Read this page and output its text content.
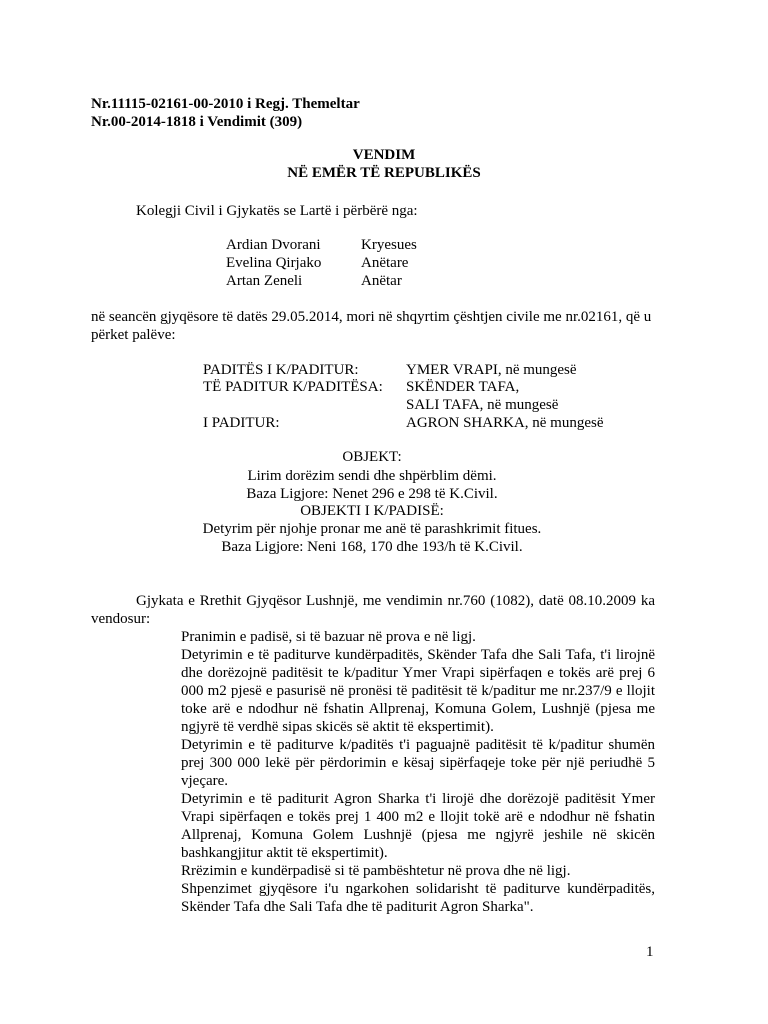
Nr.11115-02161-00-2010 i Regj. Themeltar
Nr.00-2014-1818 i Vendimit (309)
VENDIM
NË EMËR TË REPUBLIKËS
Kolegji Civil i Gjykatës se Lartë i përbërë nga:
Ardian Dvorani	Kryesues
Evelina Qirjako	Anëtare
Artan Zeneli	Anëtar
në seancën gjyqësore të datës 29.05.2014, mori në shqyrtim çështjen civile me nr.02161, që u
përket palëve:
PADITËS I K/PADITUR:	YMER VRAPI, në mungesë
TË PADITUR K/PADITËSA: SKËNDER TAFA,
SALI TAFA, në mungesë
I PADITUR:	AGRON SHARKA, në mungesë
OBJEKT:
Lirim dorëzim sendi dhe shpërblim dëmi.
Baza Ligjore: Nenet 296 e 298 të K.Civil.
OBJEKTI I K/PADISË:
Detyrim për njohje pronar me anë të parashkrimit fitues.
Baza Ligjore: Neni 168, 170 dhe 193/h të K.Civil.
Gjykata e Rrethit Gjyqësor Lushnjë, me vendimin nr.760 (1082), datë 08.10.2009 ka
vendosur:
Pranimin e padisë, si të bazuar në prova e në ligj.
Detyrimin e të paditurve kundërpaditës, Skënder Tafa dhe Sali Tafa, t'i lirojnë
dhe dorëzojnë paditësit te k/paditur Ymer Vrapi sipërfaqen e tokës arë prej 6
000 m2 pjesë e pasurisë në pronësi të paditësit të k/paditur me nr.237/9 e llojit
toke arë e ndodhur në fshatin Allprenaj, Komuna Golem, Lushnjë (pjesa me
ngjyrë të verdhë sipas skicës së aktit të ekspertimit).
Detyrimin e të paditurve k/paditës t'i paguajnë paditësit të k/paditur shumën
prej 300 000 lekë për përdorimin e kësaj sipërfaqeje toke për një periudhë 5
vjeçare.
Detyrimin e të paditurit Agron Sharka t'i lirojë dhe dorëzojë paditësit Ymer
Vrapi sipërfaqen e tokës prej 1 400 m2 e llojit tokë arë e ndodhur në fshatin
Allprenaj, Komuna Golem Lushnjë (pjesa me ngjyrë jeshile në skicën
bashkangjitur aktit të ekspertimit).
Rrëzimin e kundërpadisë si të pambështetur në prova dhe në ligj.
Shpenzimet gjyqësore i'u ngarkohen solidarisht të paditurve kundërpaditës,
Skënder Tafa dhe Sali Tafa dhe të paditurit Agron Sharka".
1
